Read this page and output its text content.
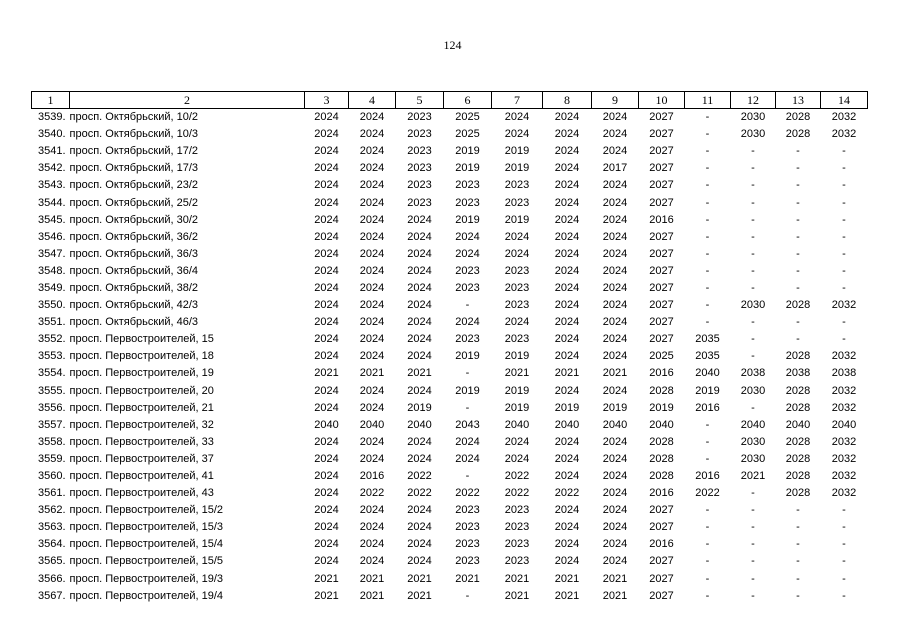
124
1	2	3	4	5	6	7	8	9	10	11	12	13	14
3539.	просп. Октябрьский, 10/2	2024	2024	2023	2025	2024	2024	2024	2027	-	2030	2028	2032
3540.	просп. Октябрьский, 10/3	2024	2024	2023	2025	2024	2024	2024	2027	-	2030	2028	2032
3541.	просп. Октябрьский, 17/2	2024	2024	2023	2019	2019	2024	2024	2027	-	-	-	-
3542.	просп. Октябрьский, 17/3	2024	2024	2023	2019	2019	2024	2017	2027	-	-	-	-
3543.	просп. Октябрьский, 23/2	2024	2024	2023	2023	2023	2024	2024	2027	-	-	-	-
3544.	просп. Октябрьский, 25/2	2024	2024	2023	2023	2023	2024	2024	2027	-	-	-	-
3545.	просп. Октябрьский, 30/2	2024	2024	2024	2019	2019	2024	2024	2016	-	-	-	-
3546.	просп. Октябрьский, 36/2	2024	2024	2024	2024	2024	2024	2024	2027	-	-	-	-
3547.	просп. Октябрьский, 36/3	2024	2024	2024	2024	2024	2024	2024	2027	-	-	-	-
3548.	просп. Октябрьский, 36/4	2024	2024	2024	2023	2023	2024	2024	2027	-	-	-	-
3549.	просп. Октябрьский, 38/2	2024	2024	2024	2023	2023	2024	2024	2027	-	-	-	-
3550.	просп. Октябрьский, 42/3	2024	2024	2024	-	2023	2024	2024	2027	-	2030	2028	2032
3551.	просп. Октябрьский, 46/3	2024	2024	2024	2024	2024	2024	2024	2027	-	-	-	-
3552.	просп. Первостроителей, 15	2024	2024	2024	2023	2023	2024	2024	2027	2035	-	-	-
3553.	просп. Первостроителей, 18	2024	2024	2024	2019	2019	2024	2024	2025	2035	-	2028	2032
3554.	просп. Первостроителей, 19	2021	2021	2021	-	2021	2021	2021	2016	2040	2038	2038	2038
3555.	просп. Первостроителей, 20	2024	2024	2024	2019	2019	2024	2024	2028	2019	2030	2028	2032
3556.	просп. Первостроителей, 21	2024	2024	2019	-	2019	2019	2019	2019	2016	-	2028	2032
3557.	просп. Первостроителей, 32	2040	2040	2040	2043	2040	2040	2040	2040	-	2040	2040	2040
3558.	просп. Первостроителей, 33	2024	2024	2024	2024	2024	2024	2024	2028	-	2030	2028	2032
3559.	просп. Первостроителей, 37	2024	2024	2024	2024	2024	2024	2024	2028	-	2030	2028	2032
3560.	просп. Первостроителей, 41	2024	2016	2022	-	2022	2024	2024	2028	2016	2021	2028	2032
3561.	просп. Первостроителей, 43	2024	2022	2022	2022	2022	2022	2024	2016	2022	-	2028	2032
3562.	просп. Первостроителей, 15/2	2024	2024	2024	2023	2023	2024	2024	2027	-	-	-	-
3563.	просп. Первостроителей, 15/3	2024	2024	2024	2023	2023	2024	2024	2027	-	-	-	-
3564.	просп. Первостроителей, 15/4	2024	2024	2024	2023	2023	2024	2024	2016	-	-	-	-
3565.	просп. Первостроителей, 15/5	2024	2024	2024	2023	2023	2024	2024	2027	-	-	-	-
3566.	просп. Первостроителей, 19/3	2021	2021	2021	2021	2021	2021	2021	2027	-	-	-	-
3567.	просп. Первостроителей, 19/4	2021	2021	2021	-	2021	2021	2021	2027	-	-	-	-
